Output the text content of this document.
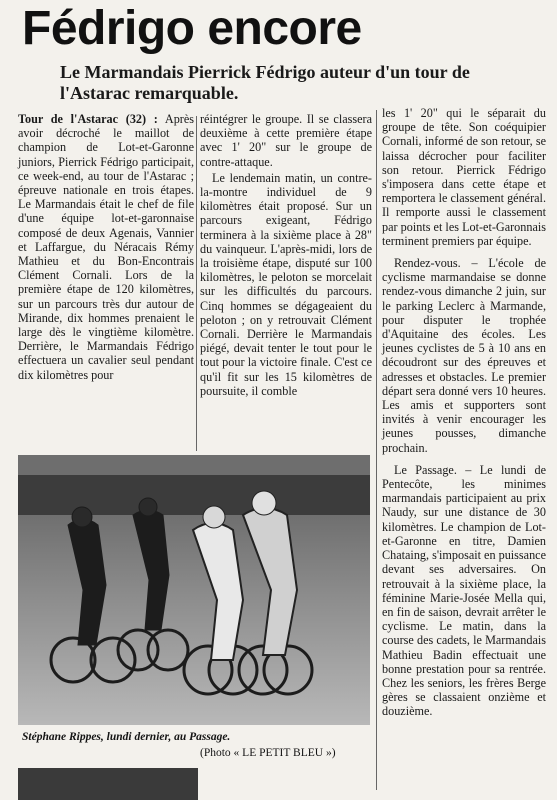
Fédrigo encore
Le Marmandais Pierrick Fédrigo auteur d'un tour de l'Astarac remarquable.

Tour de l'Astarac (32) : Après avoir décroché le maillot de champion de Lot-et-Garonne juniors, Pierrick Fédrigo participait, ce week-end, au tour de l'Astarac ; épreuve nationale en trois étapes. Le Marmandais était le chef de file d'une équipe lot-et-garonnaise composé de deux Agenais, Vannier et Laffargue, du Néracais Rémy Mathieu et du Bon-Encontrais Clément Cornali. Lors de la première étape de 120 kilomètres, sur un parcours très dur autour de Mirande, dix hommes prenaient le large dès le vingtième kilomètre. Derrière, le Marmandais Fédrigo effectuera un cavalier seul pendant dix kilomètres pour

réintégrer le groupe. Il se classera deuxième à cette première étape avec 1' 20" sur le groupe de contre-attaque.

Le lendemain matin, un contre-la-montre individuel de 9 kilomètres était proposé. Sur un parcours exigeant, Fédrigo terminera à la sixième place à 28" du vainqueur. L'après-midi, lors de la troisième étape, disputé sur 100 kilomètres, le peloton se morcelait sur les difficultés du parcours. Cinq hommes se dégageaient du peloton ; on y retrouvait Clément Cornali. Derrière le Marmandais piégé, devait tenter le tout pour le tout pour la victoire finale. C'est ce qu'il fit sur les 15 kilomètres de poursuite, il comble

les 1' 20" qui le séparait du groupe de tête. Son coéquipier Cornali, informé de son retour, se laissa décrocher pour faciliter son retour. Pierrick Fédrigo s'imposera dans cette étape et remportera le classement général. Il remporte aussi le classement par points et les Lot-et-Garonnais terminent premiers par équipe.

Rendez-vous. – L'école de cyclisme marmandaise se donne rendez-vous dimanche 2 juin, sur le parking Leclerc à Marmande, pour disputer le trophée d'Aquitaine des écoles. Les jeunes cyclistes de 5 à 10 ans en découdront sur des épreuves et adresses et obstacles. Le premier départ sera donné vers 10 heures. Les amis et supporters sont invités à venir encourager les jeunes pousses, dimanche prochain.

Le Passage. – Le lundi de Pentecôte, les minimes marmandais participaient au prix Naudy, sur une distance de 30 kilomètres. Le champion de Lot-et-Garonne en titre, Damien Chataing, s'imposait en puissance devant ses adversaires. On retrouvait à la sixième place, la féminine Marie-Josée Mella qui, en fin de saison, devrait arrêter le cyclisme. Le matin, dans la course des cadets, le Marmandais Mathieu Badin effectuait une bonne prestation pour sa rentrée. Chez les seniors, les frères Berge gères se classaient onzième et douzième.

Stéphane Rippes, lundi dernier, au Passage.
(Photo « LE PETIT BLEU »)
